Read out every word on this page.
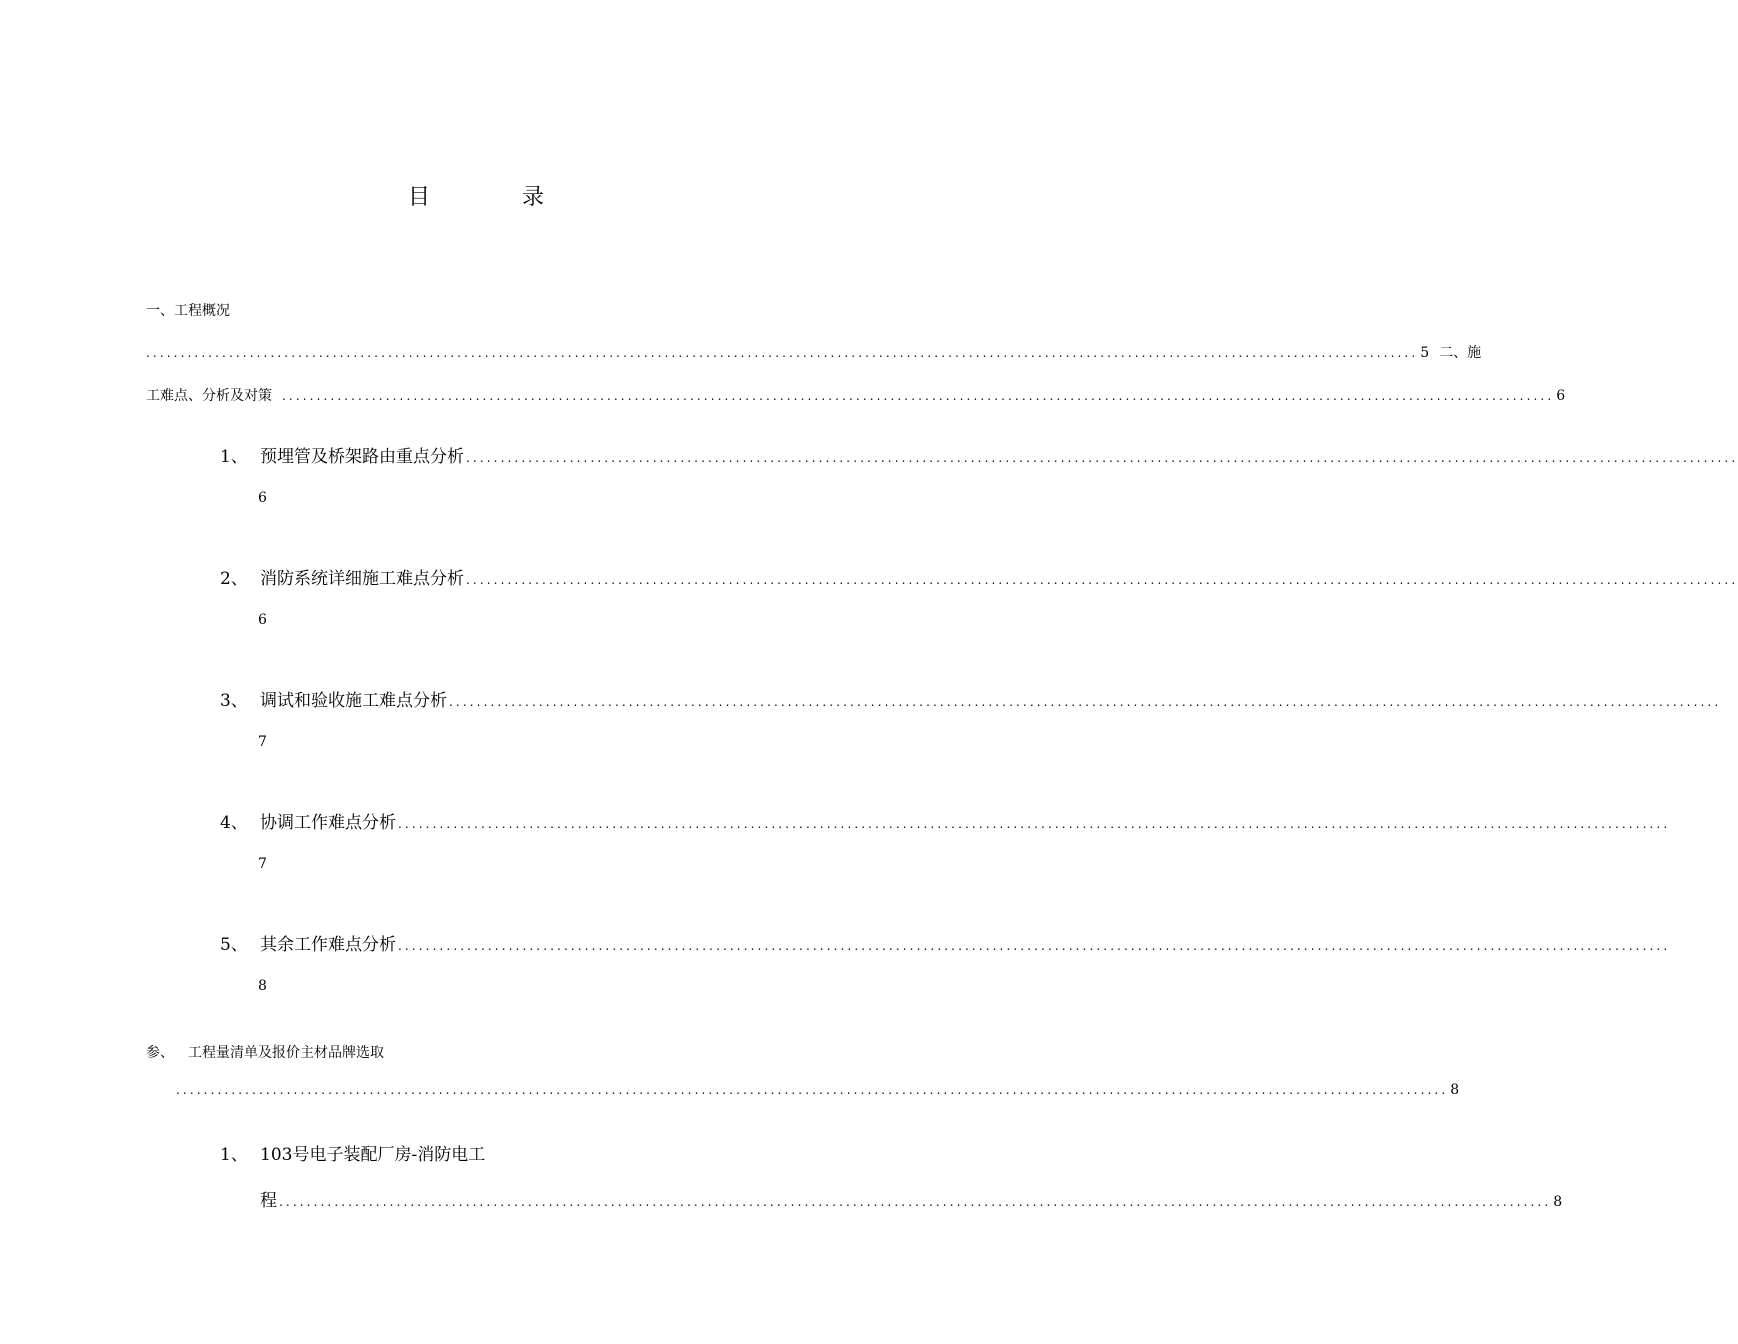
目	录
一、工程概况
........................................................................................................................................................................................ 5 二、施
工难点、分析及对策 ........................................................................................................................................................................................ 6
1、 预埋管及桥架路由重点分析 ........................................................................................................................................................................................
6
2、 消防系统详细施工难点分析 ........................................................................................................................................................................................
6
3、 调试和验收施工难点分析 ........................................................................................................................................................................................
7
4、 协调工作难点分析 ........................................................................................................................................................................................
7
5、 其余工作难点分析 ........................................................................................................................................................................................
8
参、 工程量清单及报价主材品牌选取
........................................................................................................................................................................................ 8
1、 103号电子装配厂房-消防电工
程 ........................................................................................................................................................................................ 8
